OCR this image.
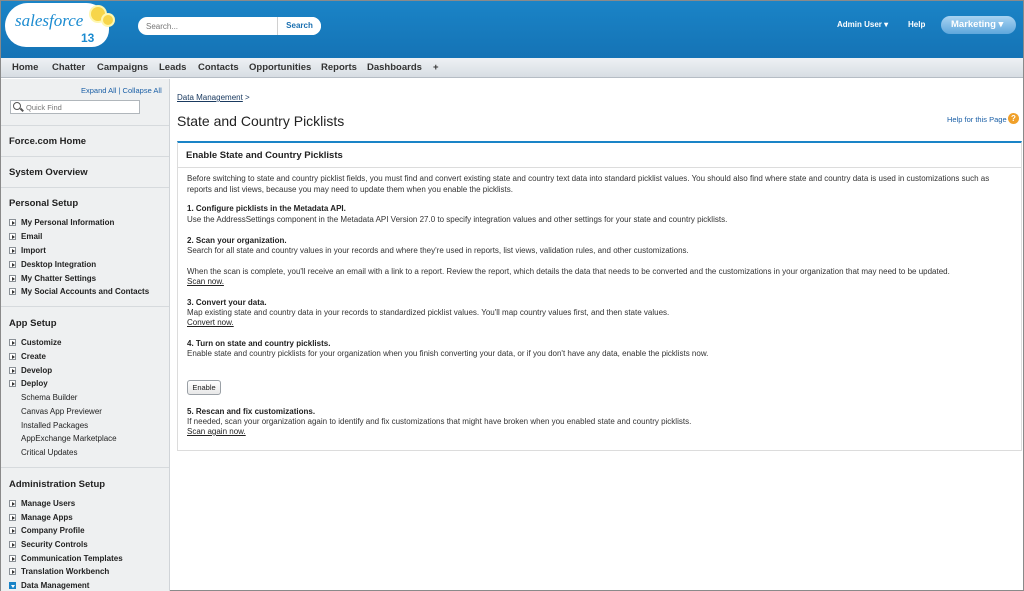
salesforce
13
Search...
Search	Admin User ▾ Help	Marketing ▾
Home Chatter Campaigns Leads Contacts Opportunities Reports Dashboards +
Expand All | Collapse All
Quick Find
Force.com Home
System Overview
Personal Setup
My Personal Information
Email
Import
Desktop Integration
My Chatter Settings
My Social Accounts and Contacts
App Setup
Customize
Create
Develop
Deploy
Schema Builder
Canvas App Previewer
Installed Packages
AppExchange Marketplace
Critical Updates
Administration Setup
Manage Users
Manage Apps
Company Profile
Security Controls
Communication Templates
Translation Workbench
Data Management
Data Management >
State and Country Picklists	Help for this Page ?
Enable State and Country Picklists
Before switching to state and country picklist fields, you must find and convert existing state and country text data into standard picklist values. You should also find where state and country data is used in customizations such as reports and list views, because you may need to update them when you enable the picklists.
1. Configure picklists in the Metadata API.
Use the AddressSettings component in the Metadata API Version 27.0 to specify integration values and other settings for your state and country picklists.
2. Scan your organization.
Search for all state and country values in your records and where they're used in reports, list views, validation rules, and other customizations.
When the scan is complete, you'll receive an email with a link to a report. Review the report, which details the data that needs to be converted and the customizations in your organization that may need to be updated.
Scan now.
3. Convert your data.
Map existing state and country data in your records to standardized picklist values. You'll map country values first, and then state values.
Convert now.
4. Turn on state and country picklists.
Enable state and country picklists for your organization when you finish converting your data, or if you don't have any data, enable the picklists now.
Enable
5. Rescan and fix customizations.
If needed, scan your organization again to identify and fix customizations that might have broken when you enabled state and country picklists.
Scan again now.
